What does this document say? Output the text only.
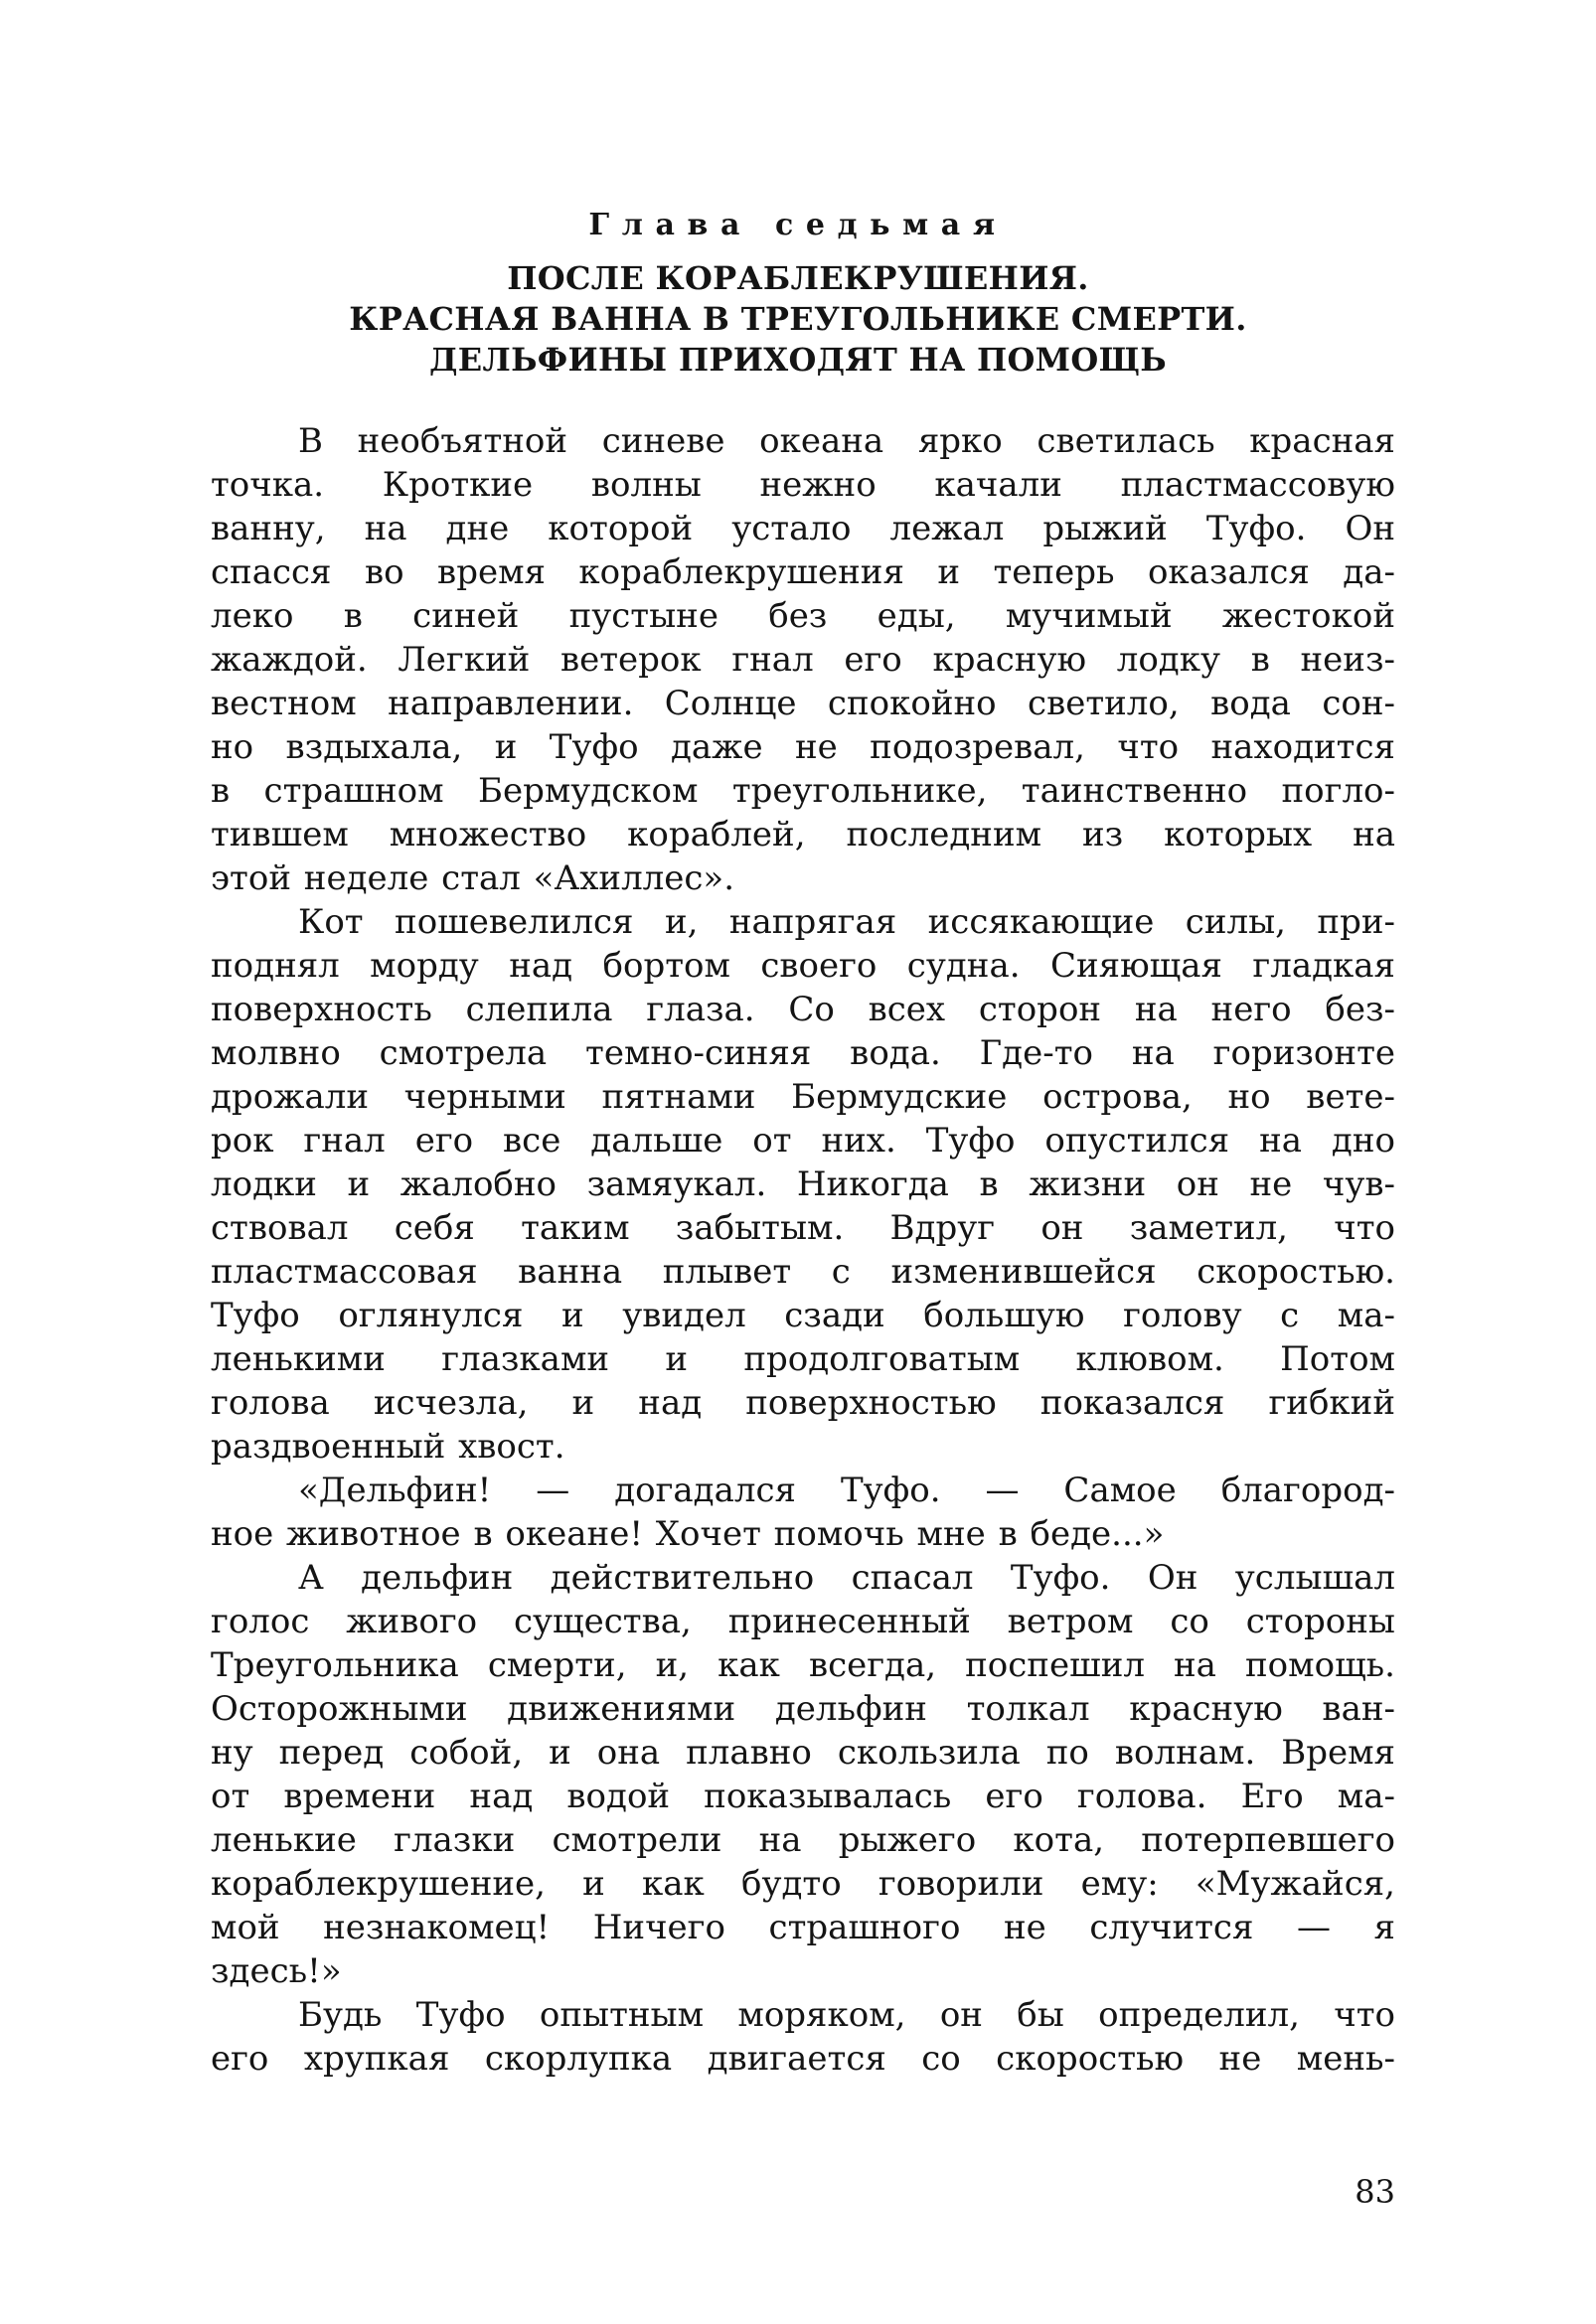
Глава седьмая
ПОСЛЕ КОРАБЛЕКРУШЕНИЯ.
КРАСНАЯ ВАННА В ТРЕУГОЛЬНИКЕ СМЕРТИ.
ДЕЛЬФИНЫ ПРИХОДЯТ НА ПОМОЩЬ
В необъятной синеве океана ярко светилась красная
точка. Кроткие волны нежно качали пластмассовую
ванну, на дне которой устало лежал рыжий Туфо. Он
спасся во время кораблекрушения и теперь оказался да-
леко в синей пустыне без еды, мучимый жестокой
жаждой. Легкий ветерок гнал его красную лодку в неиз-
вестном направлении. Солнце спокойно светило, вода сон-
но вздыхала, и Туфо даже не подозревал, что находится
в страшном Бермудском треугольнике, таинственно погло-
тившем множество кораблей, последним из которых на
этой неделе стал «Ахиллес».
Кот пошевелился и, напрягая иссякающие силы, при-
поднял морду над бортом своего судна. Сияющая гладкая
поверхность слепила глаза. Со всех сторон на него без-
молвно смотрела темно-синяя вода. Где-то на горизонте
дрожали черными пятнами Бермудские острова, но вете-
рок гнал его все дальше от них. Туфо опустился на дно
лодки и жалобно замяукал. Никогда в жизни он не чув-
ствовал себя таким забытым. Вдруг он заметил, что
пластмассовая ванна плывет с изменившейся скоростью.
Туфо оглянулся и увидел сзади большую голову с ма-
ленькими глазками и продолговатым клювом. Потом
голова исчезла, и над поверхностью показался гибкий
раздвоенный хвост.
«Дельфин! — догадался Туфо. — Самое благород-
ное животное в океане! Хочет помочь мне в беде...»
А дельфин действительно спасал Туфо. Он услышал
голос живого существа, принесенный ветром со стороны
Треугольника смерти, и, как всегда, поспешил на помощь.
Осторожными движениями дельфин толкал красную ван-
ну перед собой, и она плавно скользила по волнам. Время
от времени над водой показывалась его голова. Его ма-
ленькие глазки смотрели на рыжего кота, потерпевшего
кораблекрушение, и как будто говорили ему: «Мужайся,
мой незнакомец! Ничего страшного не случится — я
здесь!»
Будь Туфо опытным моряком, он бы определил, что
его хрупкая скорлупка двигается со скоростью не мень-
83
